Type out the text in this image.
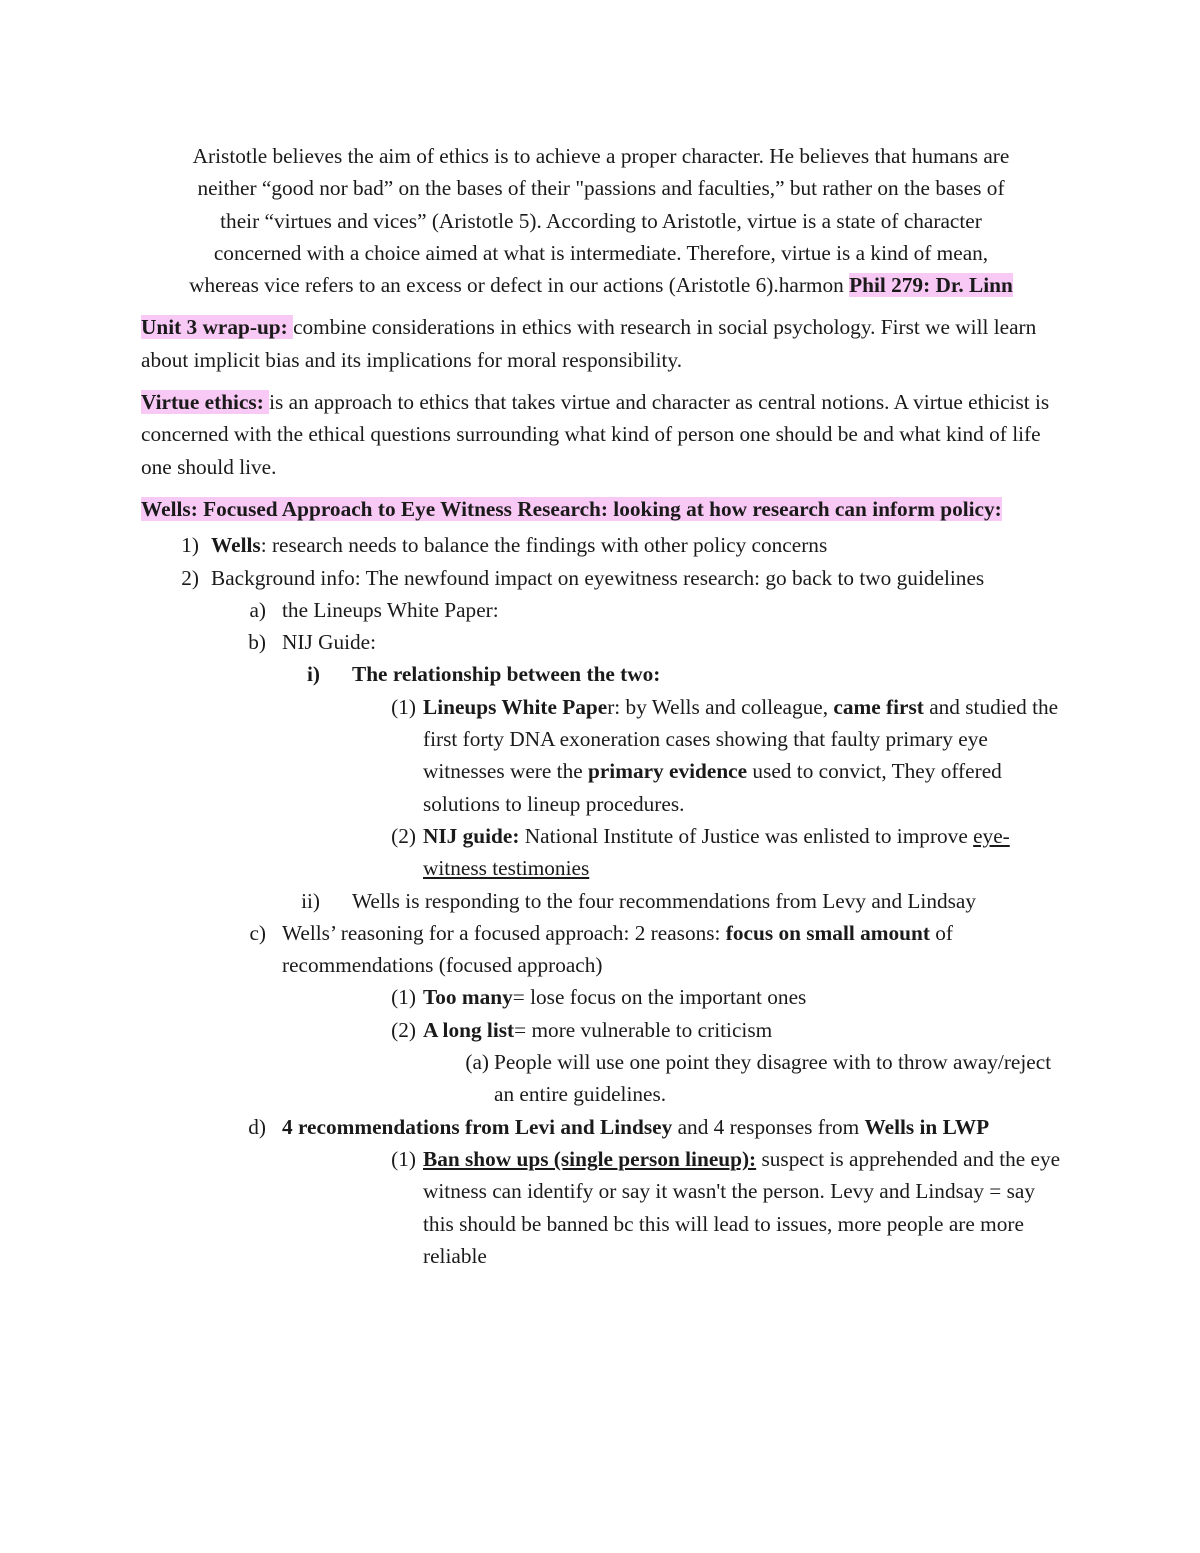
Aristotle believes the aim of ethics is to achieve a proper character. He believes that humans are
neither “good nor bad” on the bases of their "passions and faculties,” but rather on the bases of
their “virtues and vices” (Aristotle 5). According to Aristotle, virtue is a state of character
concerned with a choice aimed at what is intermediate. Therefore, virtue is a kind of mean,
whereas vice refers to an excess or defect in our actions (Aristotle 6).harmon Phil 279: Dr. Linn

Unit 3 wrap-up: combine considerations in ethics with research in social psychology. First we will learn about implicit bias and its implications for moral responsibility.

Virtue ethics: is an approach to ethics that takes virtue and character as central notions. A virtue ethicist is concerned with the ethical questions surrounding what kind of person one should be and what kind of life one should live.

Wells: Focused Approach to Eye Witness Research: looking at how research can inform policy:

1) Wells: research needs to balance the findings with other policy concerns
2) Background info: The newfound impact on eyewitness research: go back to two guidelines
a) the Lineups White Paper:
b) NIJ Guide:
i) The relationship between the two:
(1) Lineups White Paper: by Wells and colleague, came first and studied the first forty DNA exoneration cases showing that faulty primary eye witnesses were the primary evidence used to convict, They offered solutions to lineup procedures.
(2) NIJ guide: National Institute of Justice was enlisted to improve eye-witness testimonies
ii) Wells is responding to the four recommendations from Levy and Lindsay
c) Wells’ reasoning for a focused approach: 2 reasons: focus on small amount of recommendations (focused approach)
(1) Too many= lose focus on the important ones
(2) A long list= more vulnerable to criticism
(a) People will use one point they disagree with to throw away/reject an entire guidelines.
d) 4 recommendations from Levi and Lindsey and 4 responses from Wells in LWP
(1) Ban show ups (single person lineup): suspect is apprehended and the eye witness can identify or say it wasn't the person. Levy and Lindsay = say this should be banned bc this will lead to issues, more people are more reliable
